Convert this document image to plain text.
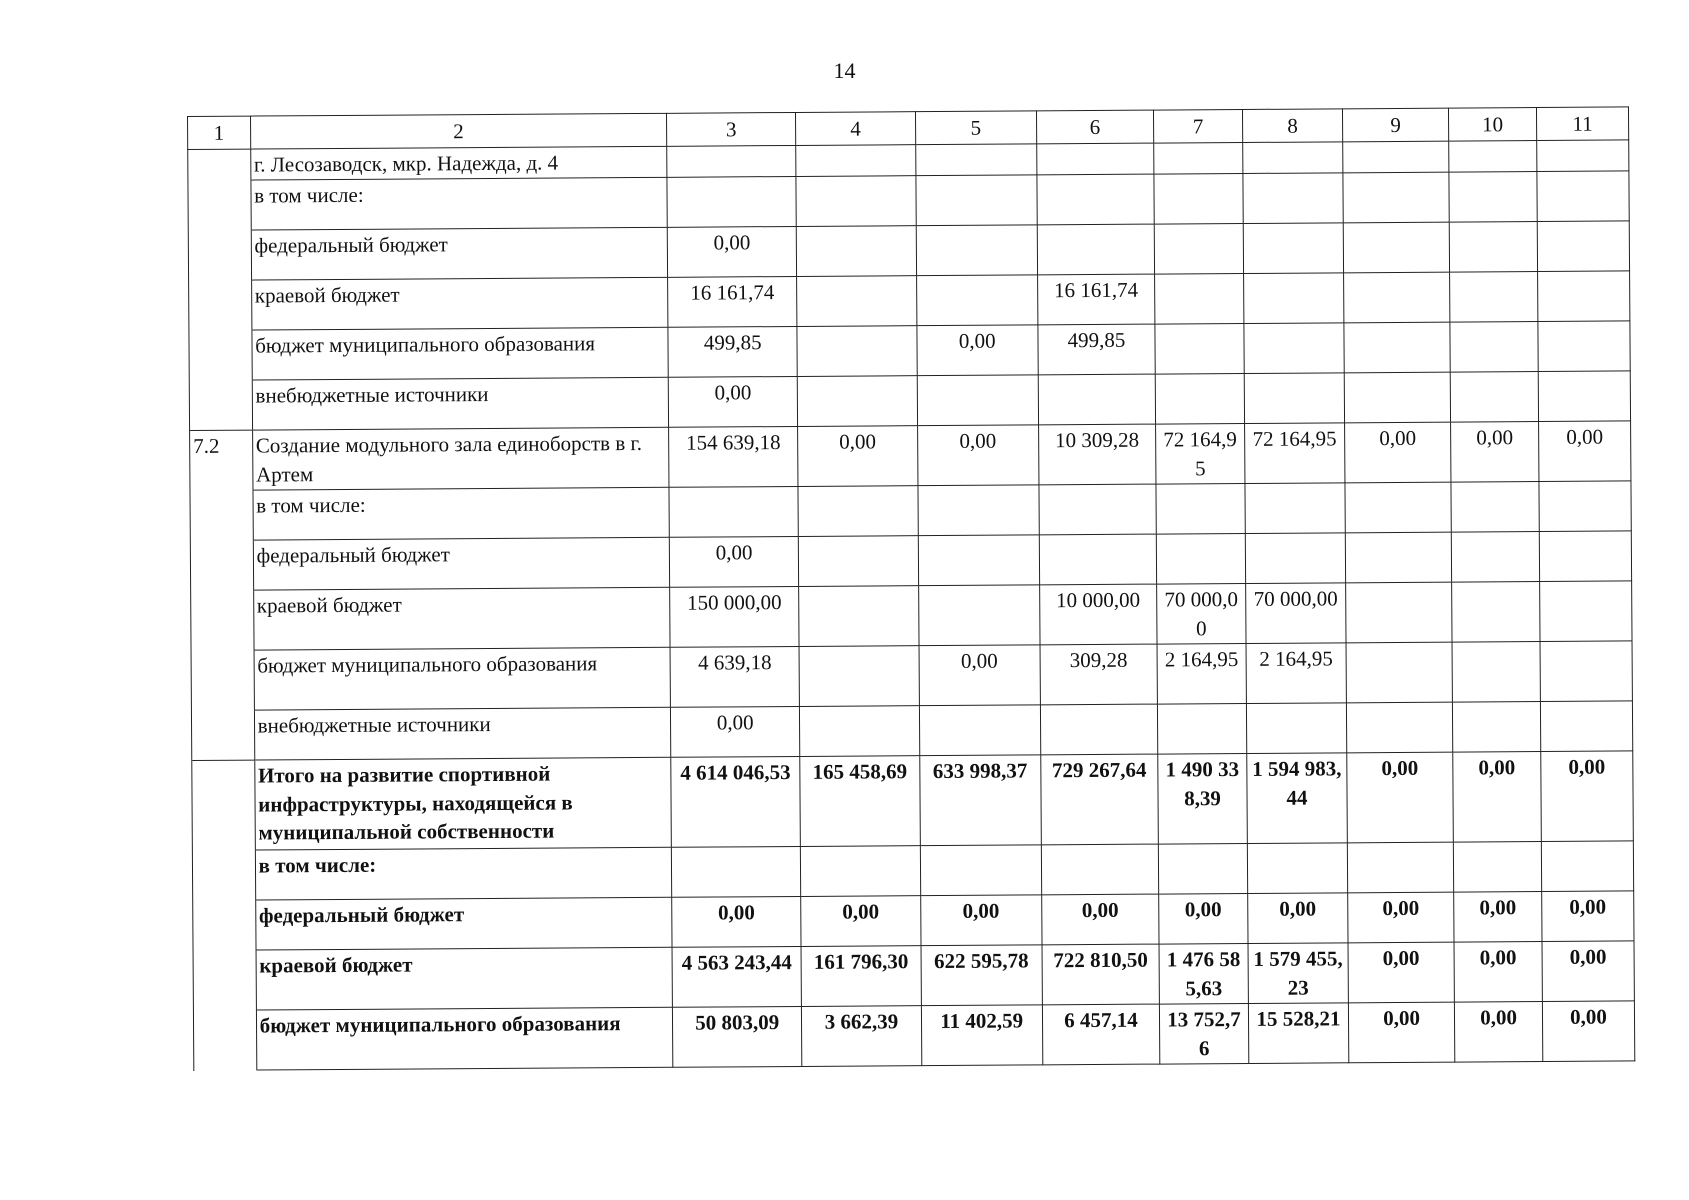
14
1	2	3	4	5	6	7	8	9	10	11
	г. Лесозаводск, мкр. Надежда, д. 4									
	в том числе:									
	федеральный бюджет	0,00								
	краевой бюджет	16 161,74			16 161,74					
	бюджет муниципального образования	499,85		0,00	499,85					
	внебюджетные источники	0,00								
7.2	Создание модульного зала единоборств в г. Артем	154 639,18	0,00	0,00	10 309,28	72 164,95	72 164,95	0,00	0,00	0,00
	в том числе:									
	федеральный бюджет	0,00								
	краевой бюджет	150 000,00			10 000,00	70 000,00	70 000,00			
	бюджет муниципального образования	4 639,18		0,00	309,28	2 164,95	2 164,95			
	внебюджетные источники	0,00								
	Итого на развитие спортивной инфраструктуры, находящейся в муниципальной собственности	4 614 046,53	165 458,69	633 998,37	729 267,64	1 490 338,39	1 594 983,44	0,00	0,00	0,00
	в том числе:									
	федеральный бюджет	0,00	0,00	0,00	0,00	0,00	0,00	0,00	0,00	0,00
	краевой бюджет	4 563 243,44	161 796,30	622 595,78	722 810,50	1 476 585,63	1 579 455,23	0,00	0,00	0,00
	бюджет муниципального образования	50 803,09	3 662,39	11 402,59	6 457,14	13 752,76	15 528,21	0,00	0,00	0,00
